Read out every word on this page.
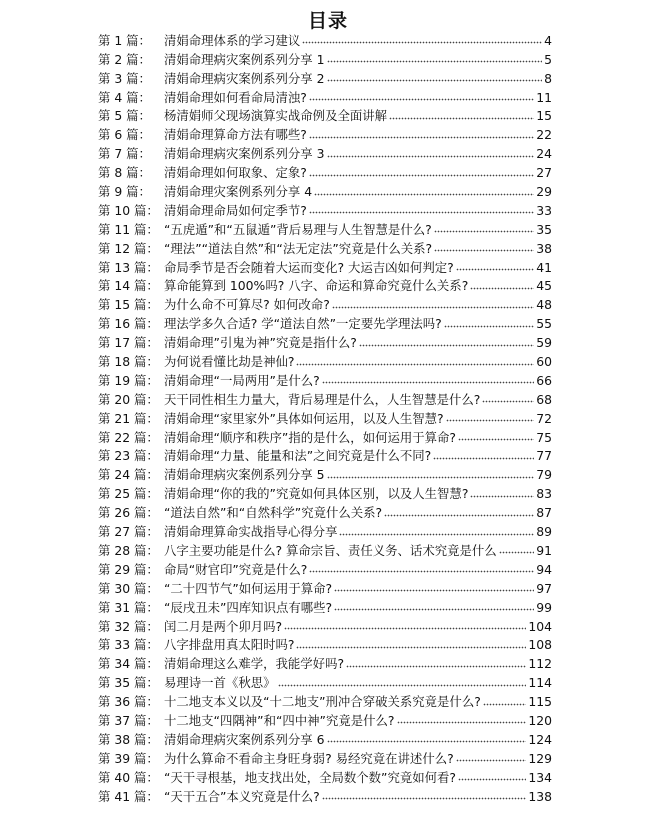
目录
第 1 篇：	清娟命理体系的学习建议	4
第 2 篇：	清娟命理病灾案例系列分享 1	5
第 3 篇：	清娟命理病灾案例系列分享 2	8
第 4 篇：	清娟命理如何看命局清浊?	11
第 5 篇：	杨清娟师父现场演算实战命例及全面讲解	15
第 6 篇：	清娟命理算命方法有哪些?	22
第 7 篇：	清娟命理病灾案例系列分享 3	24
第 8 篇：	清娟命理如何取象、定象?	27
第 9 篇：	清娟命理灾案例系列分享 4	29
第 10 篇： 清娟命理命局如何定季节?	33
第 11 篇： “五虎遁”和“五鼠遁”背后易理与人生智慧是什么?	35
第 12 篇： “理法”“道法自然”和“法无定法”究竟是什么关系?	38
第 13 篇： 命局季节是否会随着大运而变化? 大运吉凶如何判定?	41
第 14 篇： 算命能算到 100%吗? 八字、命运和算命究竟什么关系?	45
第 15 篇： 为什么命不可算尽? 如何改命?	48
第 16 篇： 理法学多久合适? 学“道法自然”一定要先学理法吗?	55
第 17 篇： 清娟命理”引鬼为神”究竟是指什么?	59
第 18 篇： 为何说看懂比劫是神仙?	60
第 19 篇： 清娟命理“一局两用”是什么?	66
第 20 篇： 天干同性相生力量大，背后易理是什么，人生智慧是什么?	68
第 21 篇： 清娟命理“家里家外”具体如何运用，以及人生智慧?	72
第 22 篇： 清娟命理“顺序和秩序”指的是什么，如何运用于算命?	75
第 23 篇： 清娟命理“力量、能量和法”之间究竟是什么不同?	77
第 24 篇： 清娟命理病灾案例系列分享 5	79
第 25 篇： 清娟命理“你的我的”究竟如何具体区别，以及人生智慧?	83
第 26 篇： “道法自然”和“自然科学”究竟什么关系?	87
第 27 篇： 清娟命理算命实战指导心得分享	89
第 28 篇： 八字主要功能是什么? 算命宗旨、责任义务、话术究竟是什么	91
第 29 篇： 命局“财官印”究竟是什么?	94
第 30 篇： “二十四节气”如何运用于算命?	97
第 31 篇： “辰戌丑未”四库知识点有哪些?	99
第 32 篇： 闰二月是两个卯月吗?	104
第 33 篇： 八字排盘用真太阳时吗?	108
第 34 篇： 清娟命理这么难学，我能学好吗?	112
第 35 篇： 易理诗一首《秋思》	114
第 36 篇： 十二地支本义以及“十二地支”刑冲合穿破关系究竟是什么?	115
第 37 篇： 十二地支“四隅神”和“四中神”究竟是什么?	120
第 38 篇： 清娟命理病灾案例系列分享 6	124
第 39 篇： 为什么算命不看命主身旺身弱? 易经究竟在讲述什么?	129
第 40 篇： “天干寻根基，地支找出处，全局数个数”究竟如何看?	134
第 41 篇： “天干五合”本义究竟是什么?	138
